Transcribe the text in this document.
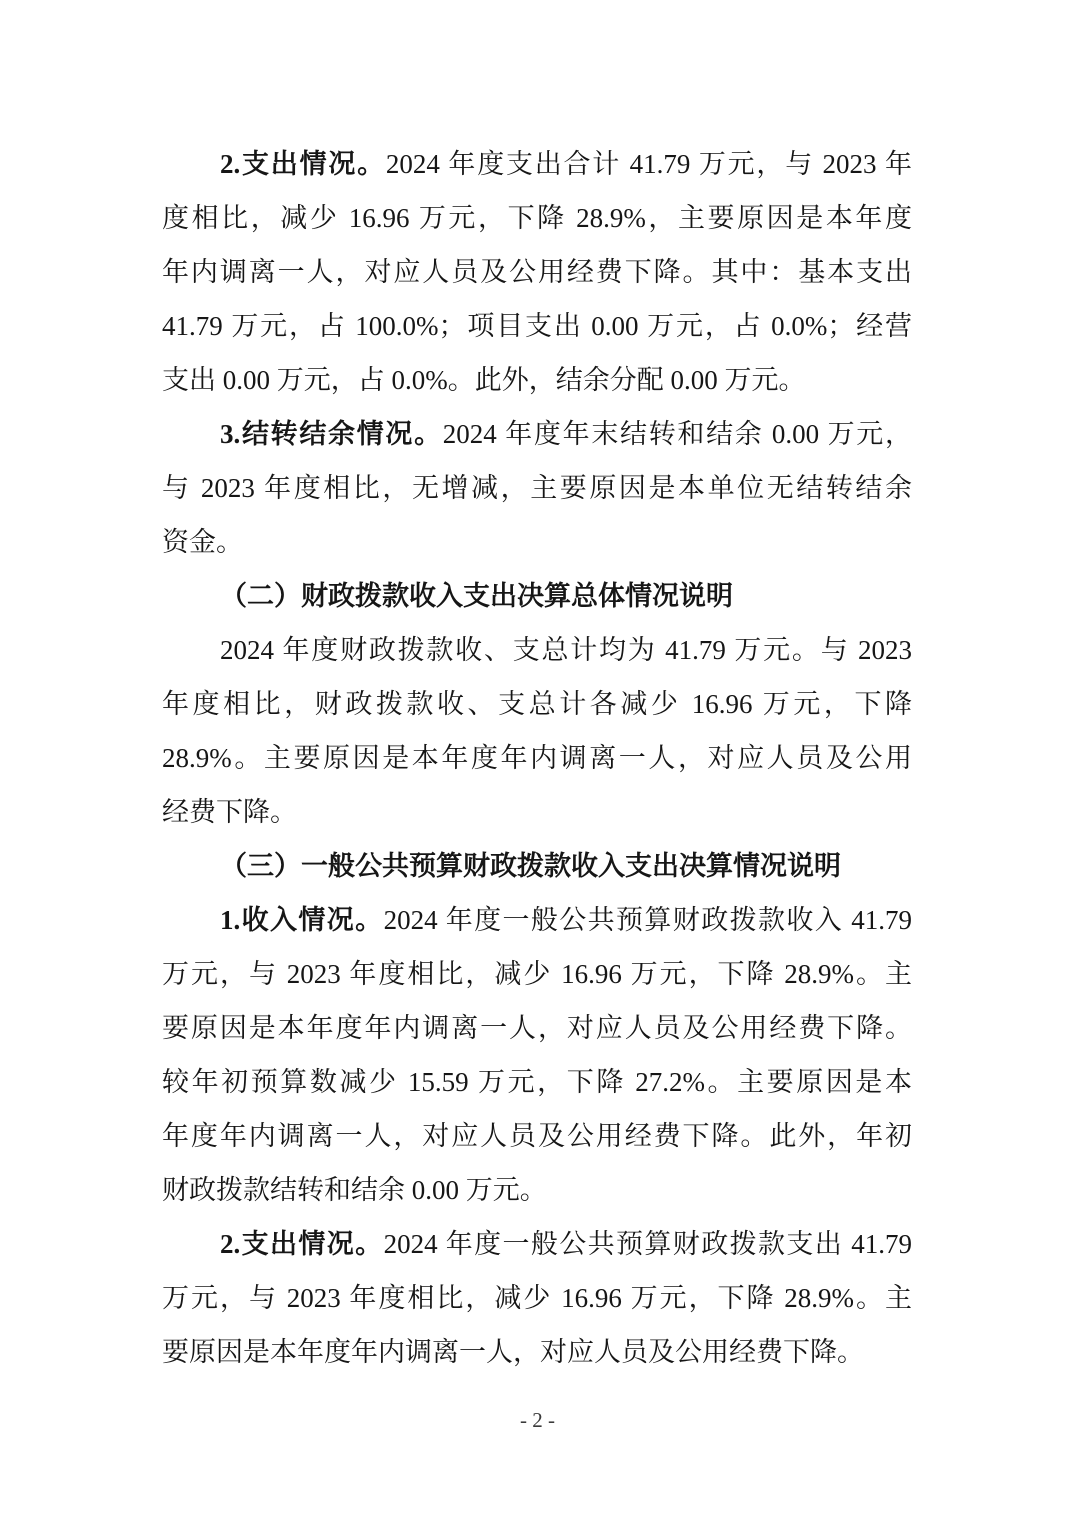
2.支出情况。2024 年度支出合计 41.79 万元，与 2023 年
度相比，减少 16.96 万元，下降 28.9%，主要原因是本年度
年内调离一人，对应人员及公用经费下降。其中：基本支出
41.79 万元，占 100.0%；项目支出 0.00 万元，占 0.0%；经营
支出 0.00 万元，占 0.0%。此外，结余分配 0.00 万元。
3.结转结余情况。2024 年度年末结转和结余 0.00 万元，
与 2023 年度相比，无增减，主要原因是本单位无结转结余
资金。
（二）财政拨款收入支出决算总体情况说明
2024 年度财政拨款收、支总计均为 41.79 万元。与 2023
年度相比，财政拨款收、支总计各减少 16.96 万元，下降
28.9%。主要原因是本年度年内调离一人，对应人员及公用
经费下降。
（三）一般公共预算财政拨款收入支出决算情况说明
1.收入情况。2024 年度一般公共预算财政拨款收入 41.79
万元，与 2023 年度相比，减少 16.96 万元，下降 28.9%。主
要原因是本年度年内调离一人，对应人员及公用经费下降。
较年初预算数减少 15.59 万元，下降 27.2%。主要原因是本
年度年内调离一人，对应人员及公用经费下降。此外，年初
财政拨款结转和结余 0.00 万元。
2.支出情况。2024 年度一般公共预算财政拨款支出 41.79
万元，与 2023 年度相比，减少 16.96 万元，下降 28.9%。主
要原因是本年度年内调离一人，对应人员及公用经费下降。
- 2 -
